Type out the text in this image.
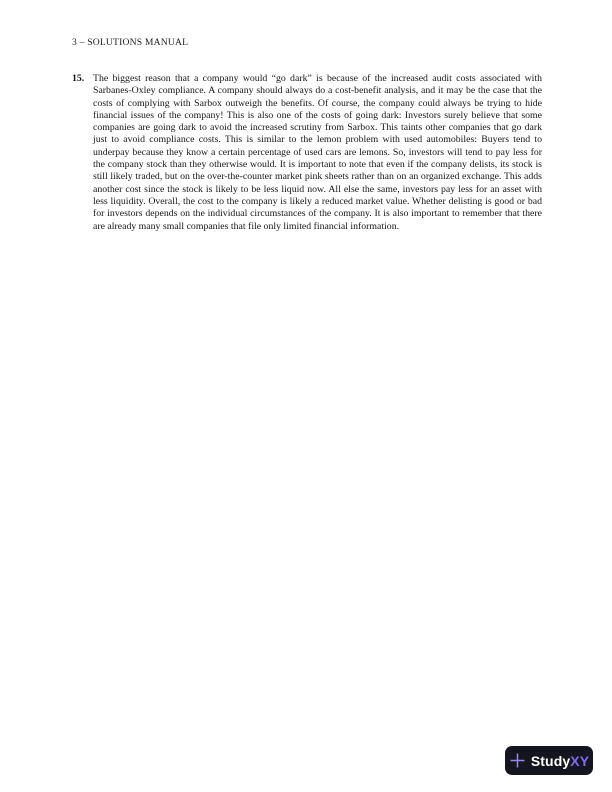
3 – SOLUTIONS MANUAL
15. The biggest reason that a company would “go dark” is because of the increased audit costs associated with Sarbanes-Oxley compliance. A company should always do a cost-benefit analysis, and it may be the case that the costs of complying with Sarbox outweigh the benefits. Of course, the company could always be trying to hide financial issues of the company! This is also one of the costs of going dark: Investors surely believe that some companies are going dark to avoid the increased scrutiny from Sarbox. This taints other companies that go dark just to avoid compliance costs. This is similar to the lemon problem with used automobiles: Buyers tend to underpay because they know a certain percentage of used cars are lemons. So, investors will tend to pay less for the company stock than they otherwise would. It is important to note that even if the company delists, its stock is still likely traded, but on the over-the-counter market pink sheets rather than on an organized exchange. This adds another cost since the stock is likely to be less liquid now. All else the same, investors pay less for an asset with less liquidity. Overall, the cost to the company is likely a reduced market value. Whether delisting is good or bad for investors depends on the individual circumstances of the company. It is also important to remember that there are already many small companies that file only limited financial information.
StudyXY
